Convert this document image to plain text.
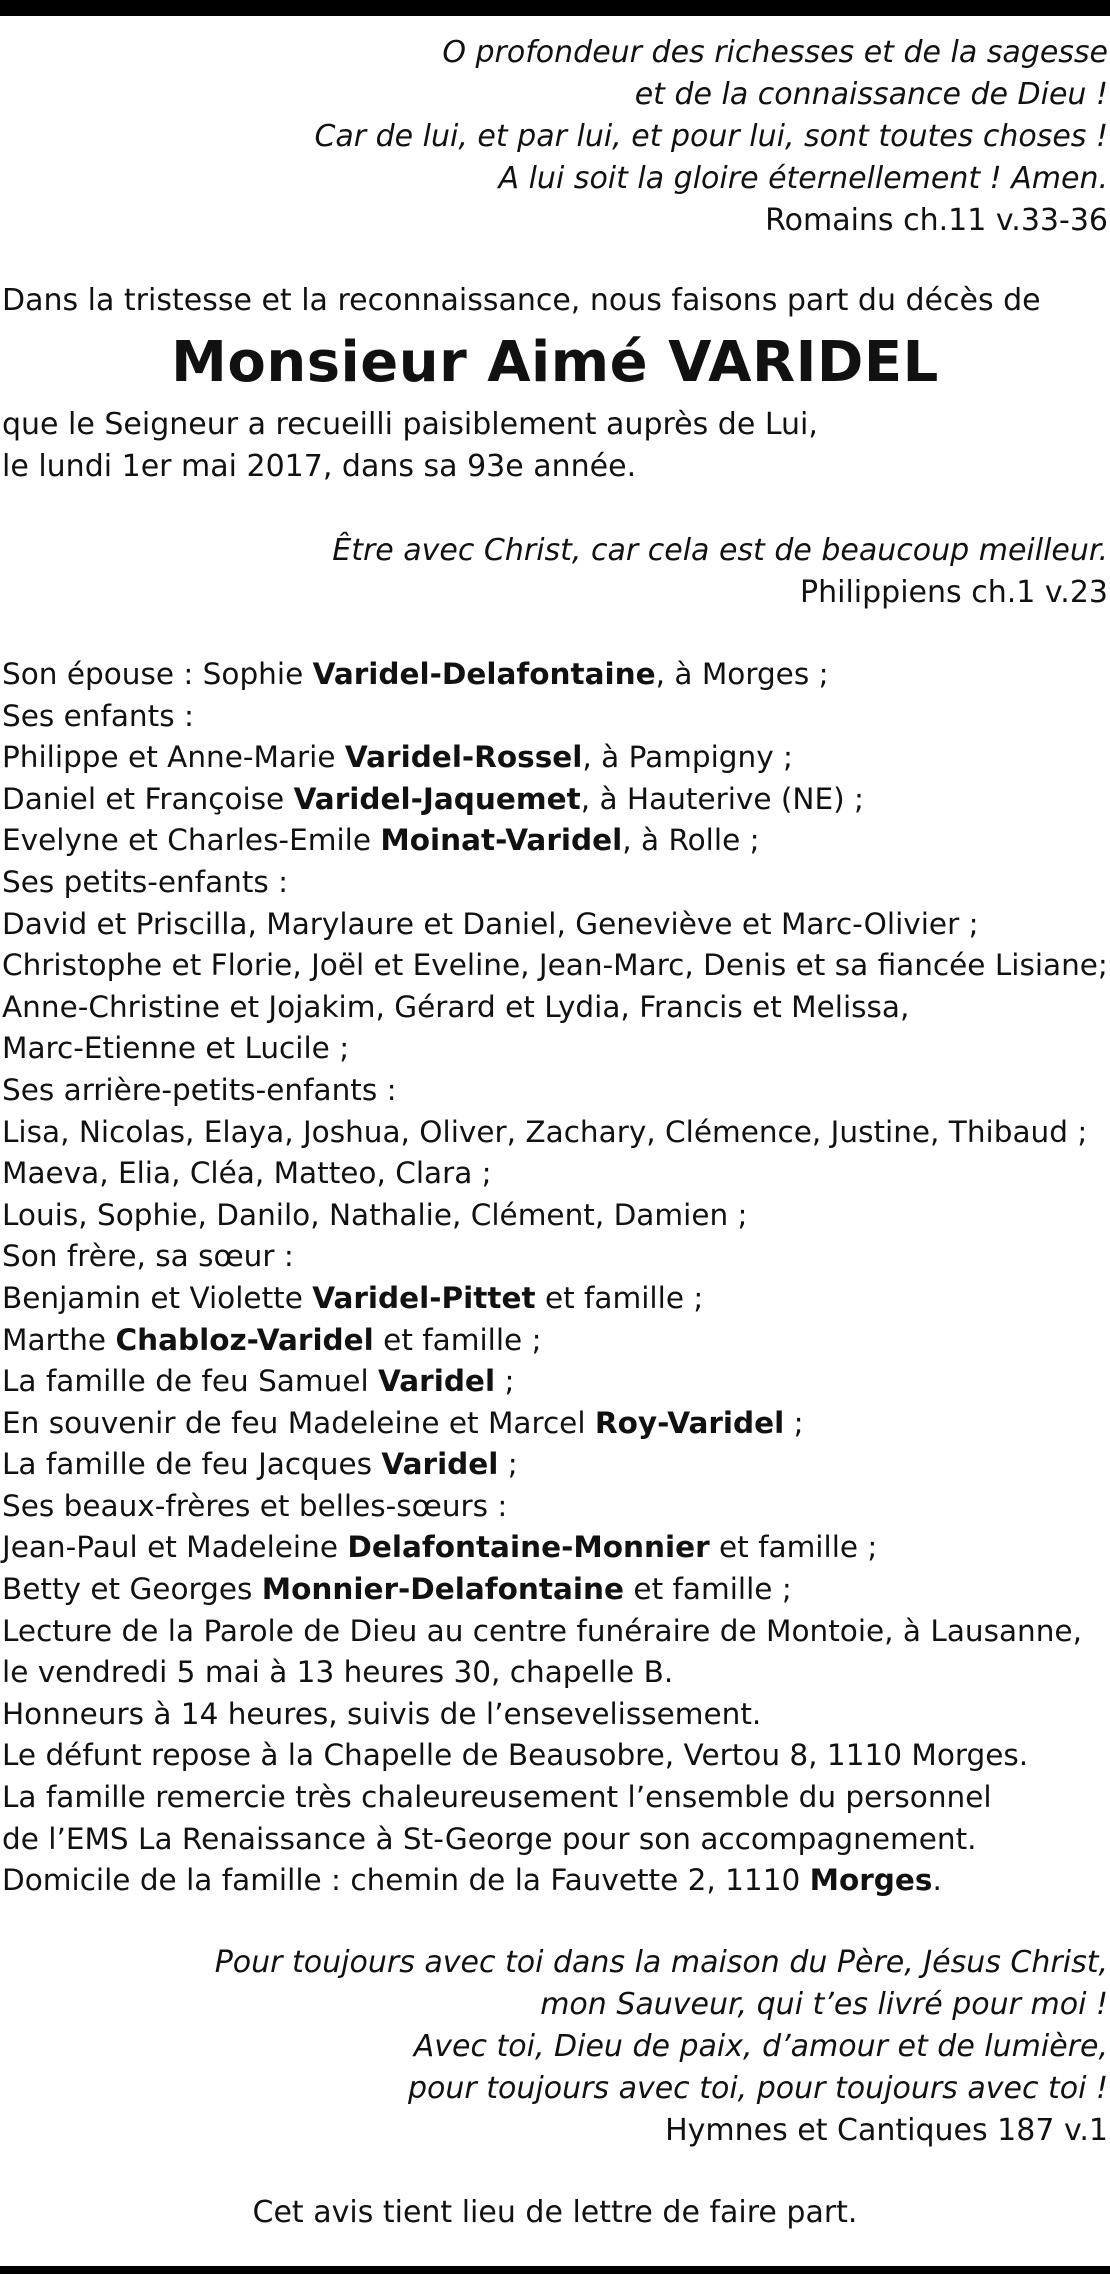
O profondeur des richesses et de la sagesse
et de la connaissance de Dieu !
Car de lui, et par lui, et pour lui, sont toutes choses !
A lui soit la gloire éternellement ! Amen.
Romains ch.11 v.33-36
Dans la tristesse et la reconnaissance, nous faisons part du décès de
Monsieur Aimé VARIDEL
que le Seigneur a recueilli paisiblement auprès de Lui,
le lundi 1er mai 2017, dans sa 93e année.
Être avec Christ, car cela est de beaucoup meilleur.
Philippiens ch.1 v.23
Son épouse : Sophie Varidel-Delafontaine, à Morges ;
Ses enfants :
Philippe et Anne-Marie Varidel-Rossel, à Pampigny ;
Daniel et Françoise Varidel-Jaquemet, à Hauterive (NE) ;
Evelyne et Charles-Emile Moinat-Varidel, à Rolle ;
Ses petits-enfants :
David et Priscilla, Marylaure et Daniel, Geneviève et Marc-Olivier ;
Christophe et Florie, Joël et Eveline, Jean-Marc, Denis et sa fiancée Lisiane;
Anne-Christine et Jojakim, Gérard et Lydia, Francis et Melissa,
Marc-Etienne et Lucile ;
Ses arrière-petits-enfants :
Lisa, Nicolas, Elaya, Joshua, Oliver, Zachary, Clémence, Justine, Thibaud ;
Maeva, Elia, Cléa, Matteo, Clara ;
Louis, Sophie, Danilo, Nathalie, Clément, Damien ;
Son frère, sa sœur :
Benjamin et Violette Varidel-Pittet et famille ;
Marthe Chabloz-Varidel et famille ;
La famille de feu Samuel Varidel ;
En souvenir de feu Madeleine et Marcel Roy-Varidel ;
La famille de feu Jacques Varidel ;
Ses beaux-frères et belles-sœurs :
Jean-Paul et Madeleine Delafontaine-Monnier et famille ;
Betty et Georges Monnier-Delafontaine et famille ;
Lecture de la Parole de Dieu au centre funéraire de Montoie, à Lausanne,
le vendredi 5 mai à 13 heures 30, chapelle B.
Honneurs à 14 heures, suivis de l’ensevelissement.
Le défunt repose à la Chapelle de Beausobre, Vertou 8, 1110 Morges.
La famille remercie très chaleureusement l’ensemble du personnel
de l’EMS La Renaissance à St-George pour son accompagnement.
Domicile de la famille : chemin de la Fauvette 2, 1110 Morges.
Pour toujours avec toi dans la maison du Père, Jésus Christ,
mon Sauveur, qui t’es livré pour moi !
Avec toi, Dieu de paix, d’amour et de lumière,
pour toujours avec toi, pour toujours avec toi !
Hymnes et Cantiques 187 v.1
Cet avis tient lieu de lettre de faire part.
